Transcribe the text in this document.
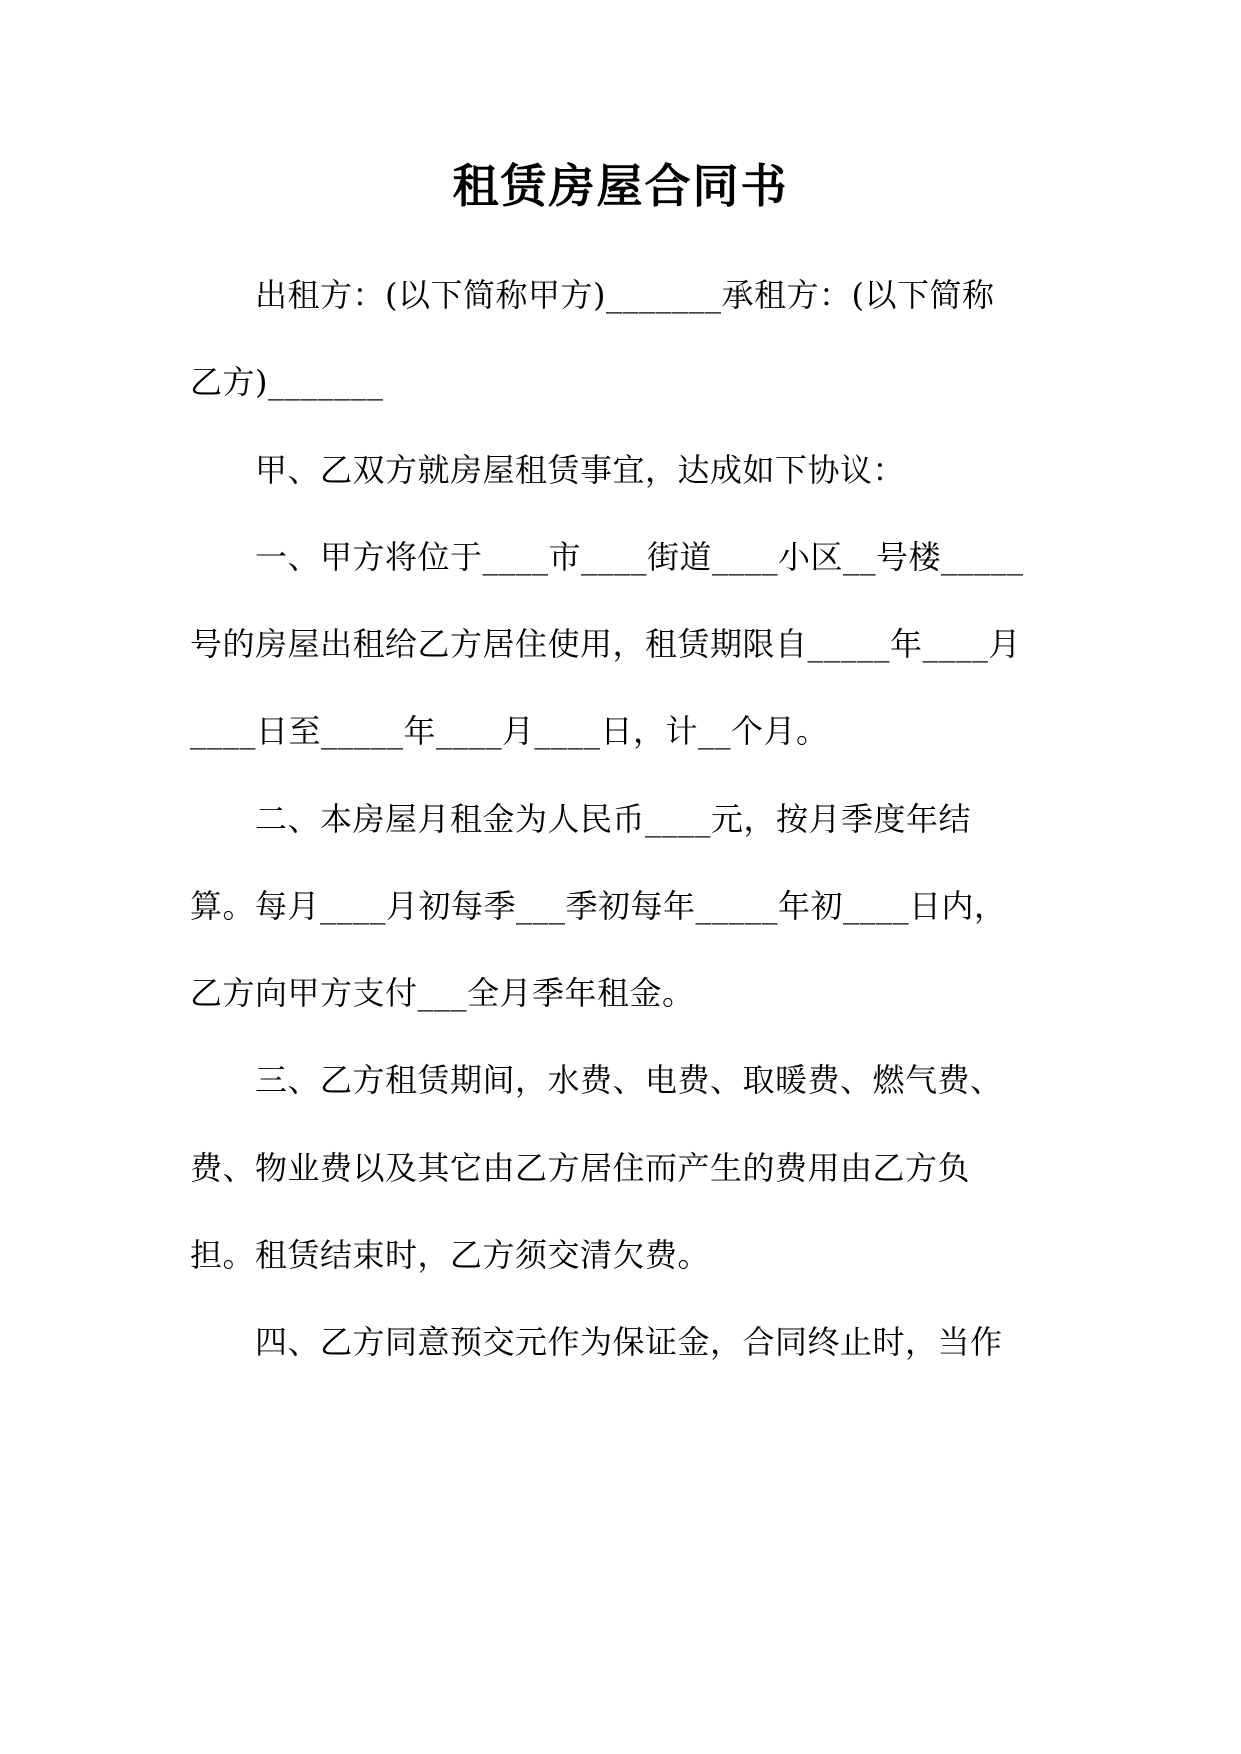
租赁房屋合同书
出租方：(以下简称甲方)_______承租方：(以下简称
乙方)_______
甲、乙双方就房屋租赁事宜，达成如下协议：
一、甲方将位于____市____街道____小区__号楼_____
号的房屋出租给乙方居住使用，租赁期限自_____年____月
____日至_____年____月____日，计__个月。
二、本房屋月租金为人民币____元，按月季度年结
算。每月____月初每季___季初每年_____年初____日内，
乙方向甲方支付___全月季年租金。
三、乙方租赁期间，水费、电费、取暖费、燃气费、
费、物业费以及其它由乙方居住而产生的费用由乙方负
担。租赁结束时，乙方须交清欠费。
四、乙方同意预交元作为保证金，合同终止时，当作
